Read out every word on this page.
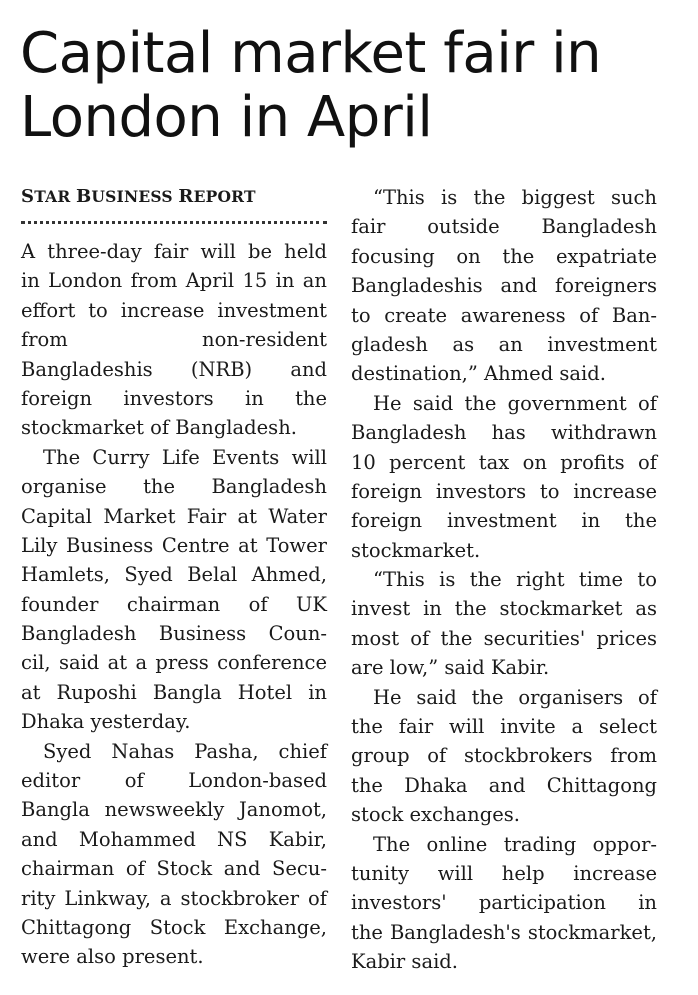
Capital market fair in
London in April

STAR BUSINESS REPORT

A three-day fair will be held
in London from April 15 in an
effort to increase investment
from non-resident
Bangladeshis (NRB) and
foreign investors in the
stockmarket of Bangladesh.
The Curry Life Events will
organise the Bangladesh
Capital Market Fair at Water
Lily Business Centre at Tower
Hamlets, Syed Belal Ahmed,
founder chairman of UK
Bangladesh Business Coun-
cil, said at a press conference
at Ruposhi Bangla Hotel in
Dhaka yesterday.
Syed Nahas Pasha, chief
editor of London-based
Bangla newsweekly Janomot,
and Mohammed NS Kabir,
chairman of Stock and Secu-
rity Linkway, a stockbroker of
Chittagong Stock Exchange,
were also present.
“This is the biggest such
fair outside Bangladesh
focusing on the expatriate
Bangladeshis and foreigners
to create awareness of Ban-
gladesh as an investment
destination,” Ahmed said.
He said the government of
Bangladesh has withdrawn
10 percent tax on profits of
foreign investors to increase
foreign investment in the
stockmarket.
“This is the right time to
invest in the stockmarket as
most of the securities' prices
are low,” said Kabir.
He said the organisers of
the fair will invite a select
group of stockbrokers from
the Dhaka and Chittagong
stock exchanges.
The online trading oppor-
tunity will help increase
investors' participation in
the Bangladesh's stockmarket,
Kabir said.
